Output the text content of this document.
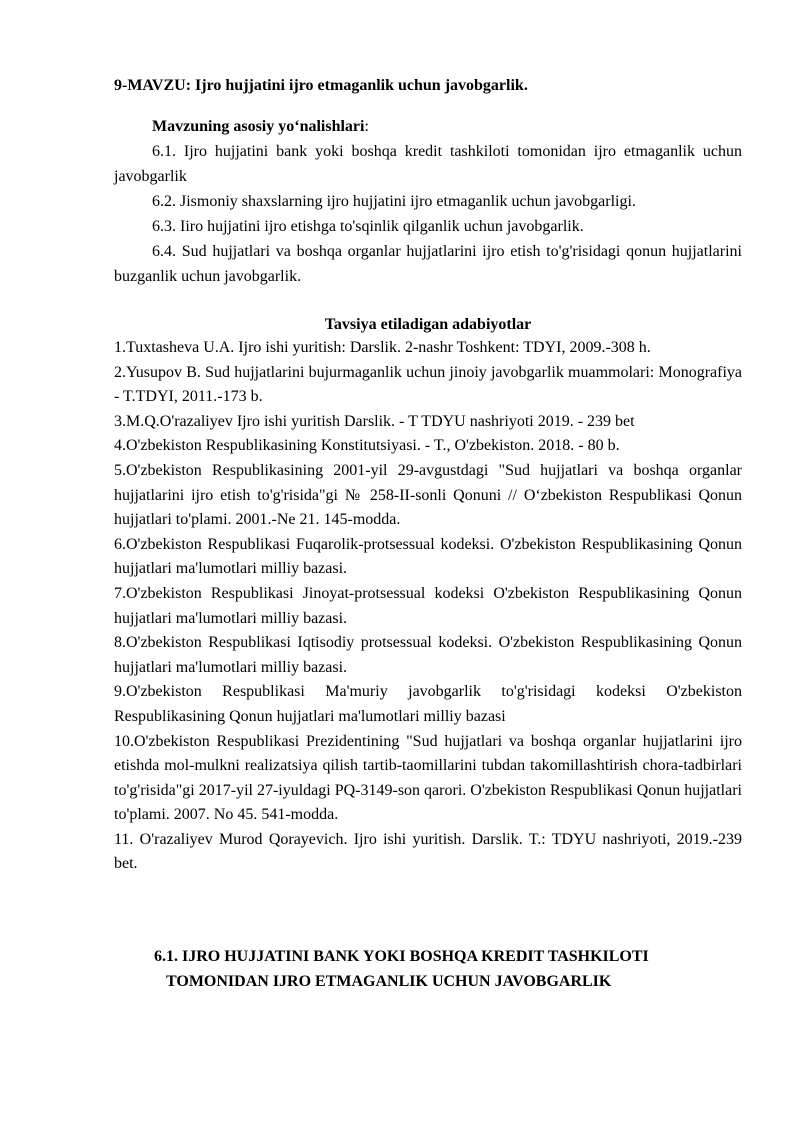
9-MAVZU: Ijro hujjatini ijro etmaganlik uchun javobgarlik.

Mavzuning asosiy yo‘nalishlari:

6.1. Ijro hujjatini bank yoki boshqa kredit tashkiloti tomonidan ijro etmaganlik uchun javobgarlik

6.2. Jismoniy shaxslarning ijro hujjatini ijro etmaganlik uchun javobgarligi.

6.3. Iiro hujjatini ijro etishga to'sqinlik qilganlik uchun javobgarlik.

6.4. Sud hujjatlari va boshqa organlar hujjatlarini ijro etish to'g'risidagi qonun hujjatlarini buzganlik uchun javobgarlik.

Tavsiya etiladigan adabiyotlar

1.Tuxtasheva U.A. Ijro ishi yuritish: Darslik. 2-nashr Toshkent: TDYI, 2009.-308 h.

2.Yusupov B. Sud hujjatlarini bujurmaganlik uchun jinoiy javobgarlik muammolari: Monografiya - T.TDYI, 2011.-173 b.

3.M.Q.O'razaliyev Ijro ishi yuritish Darslik. - T TDYU nashriyoti 2019. - 239 bet

4.O'zbekiston Respublikasining Konstitutsiyasi. - T., O'zbekiston. 2018. - 80 b.

5.O'zbekiston Respublikasining 2001-yil 29-avgustdagi "Sud hujjatlari va boshqa organlar hujjatlarini ijro etish to'g'risida"gi № 258-II-sonli Qonuni // O‘zbekiston Respublikasi Qonun hujjatlari to'plami. 2001.-Ne 21. 145-modda.

6.O'zbekiston Respublikasi Fuqarolik-protsessual kodeksi. O'zbekiston Respublikasining Qonun hujjatlari ma'lumotlari milliy bazasi.

7.O'zbekiston Respublikasi Jinoyat-protsessual kodeksi O'zbekiston Respublikasining Qonun hujjatlari ma'lumotlari milliy bazasi.

8.O'zbekiston Respublikasi Iqtisodiy protsessual kodeksi. O'zbekiston Respublikasining Qonun hujjatlari ma'lumotlari milliy bazasi.

9.O'zbekiston Respublikasi Ma'muriy javobgarlik to'g'risidagi kodeksi O'zbekiston Respublikasining Qonun hujjatlari ma'lumotlari milliy bazasi

10.O'zbekiston Respublikasi Prezidentining "Sud hujjatlari va boshqa organlar hujjatlarini ijro etishda mol-mulkni realizatsiya qilish tartib-taomillarini tubdan takomillashtirish chora-tadbirlari to'g'risida"gi 2017-yil 27-iyuldagi PQ-3149-son qarori. O'zbekiston Respublikasi Qonun hujjatlari to'plami. 2007. No 45. 541-modda.

11. O'razaliyev Murod Qorayevich. Ijro ishi yuritish. Darslik. T.: TDYU nashriyoti, 2019.-239 bet.

6.1. IJRO HUJJATINI BANK YOKI BOSHQA KREDIT TASHKILOTI
TOMONIDAN IJRO ETMAGANLIK UCHUN JAVOBGARLIK
